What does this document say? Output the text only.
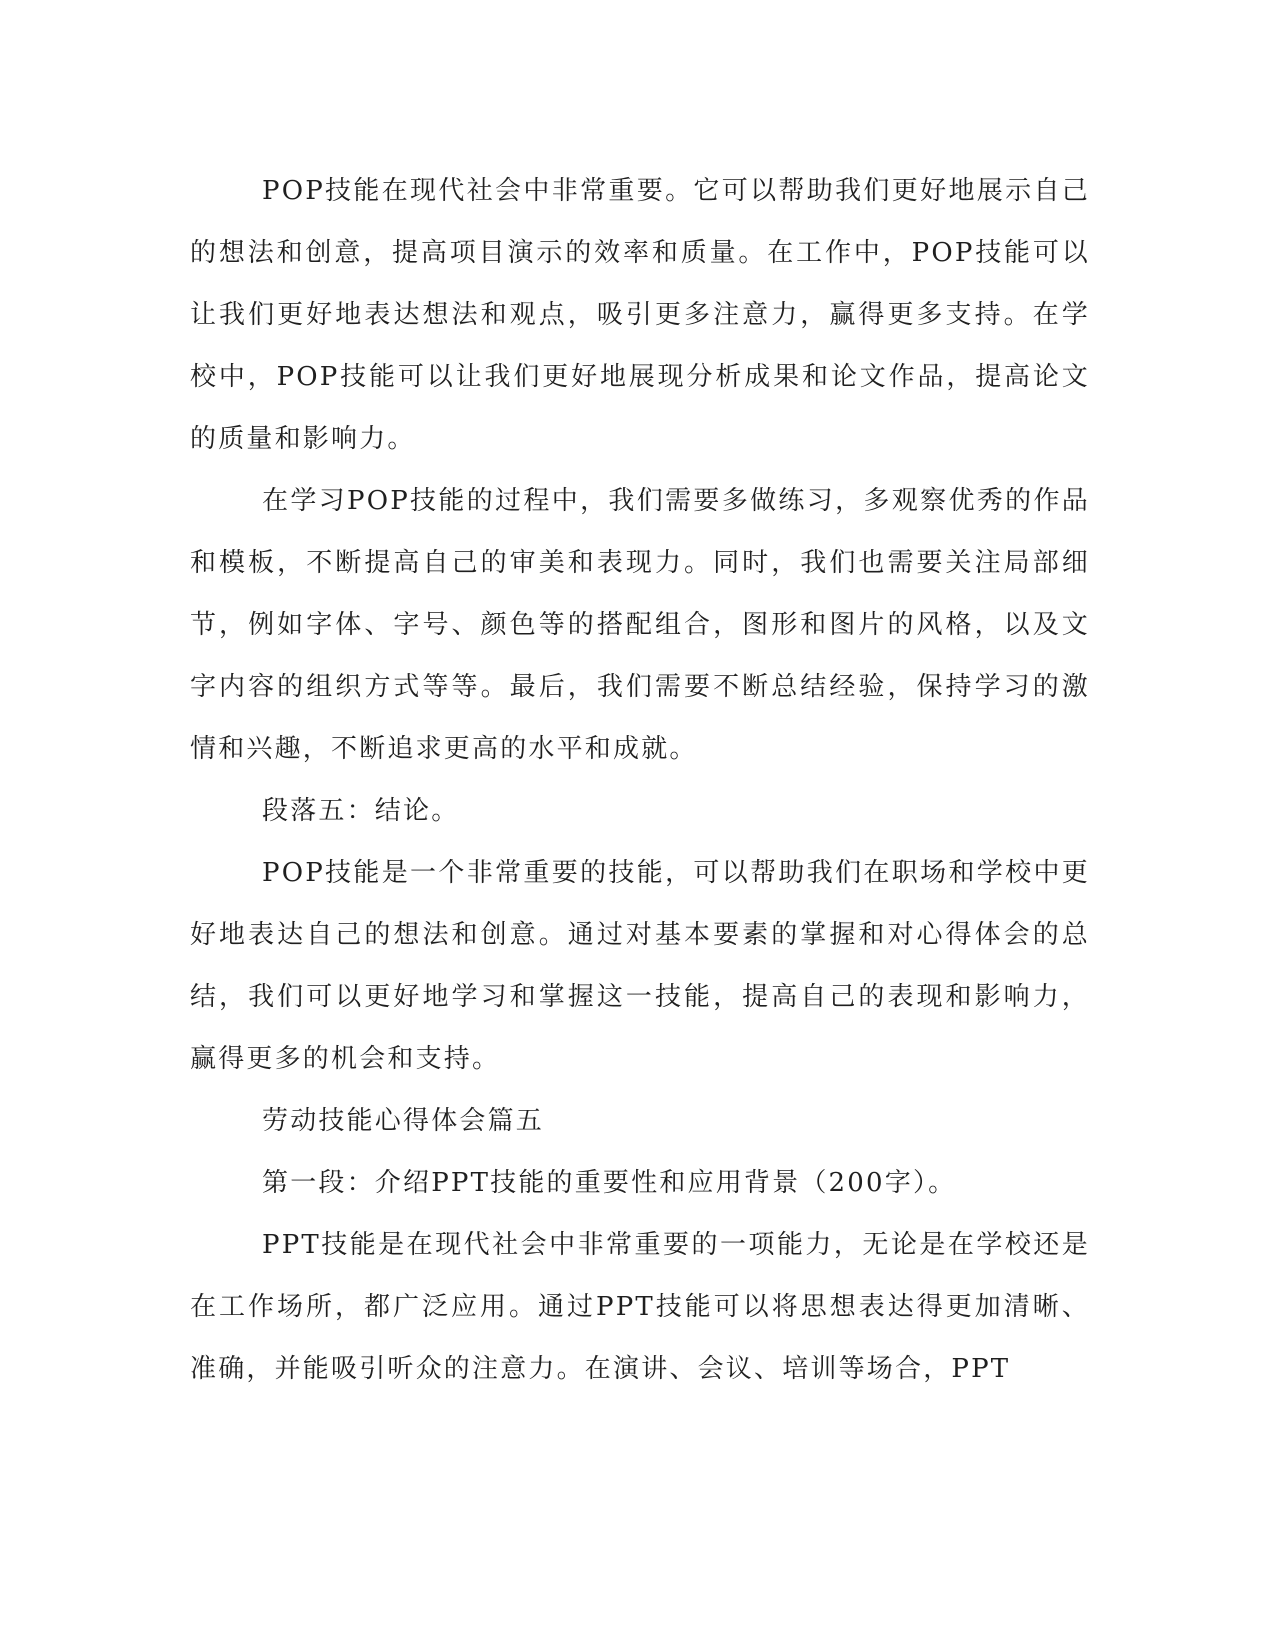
POP技能在现代社会中非常重要。它可以帮助我们更好地展示自己的想法和创意，提高项目演示的效率和质量。在工作中，POP技能可以让我们更好地表达想法和观点，吸引更多注意力，赢得更多支持。在学校中，POP技能可以让我们更好地展现分析成果和论文作品，提高论文的质量和影响力。

在学习POP技能的过程中，我们需要多做练习，多观察优秀的作品和模板，不断提高自己的审美和表现力。同时，我们也需要关注局部细节，例如字体、字号、颜色等的搭配组合，图形和图片的风格，以及文字内容的组织方式等等。最后，我们需要不断总结经验，保持学习的激情和兴趣，不断追求更高的水平和成就。

段落五：结论。

POP技能是一个非常重要的技能，可以帮助我们在职场和学校中更好地表达自己的想法和创意。通过对基本要素的掌握和对心得体会的总结，我们可以更好地学习和掌握这一技能，提高自己的表现和影响力，赢得更多的机会和支持。

劳动技能心得体会篇五

第一段：介绍PPT技能的重要性和应用背景（200字）。

PPT技能是在现代社会中非常重要的一项能力，无论是在学校还是在工作场所，都广泛应用。通过PPT技能可以将思想表达得更加清晰、准确，并能吸引听众的注意力。在演讲、会议、培训等场合，PPT
